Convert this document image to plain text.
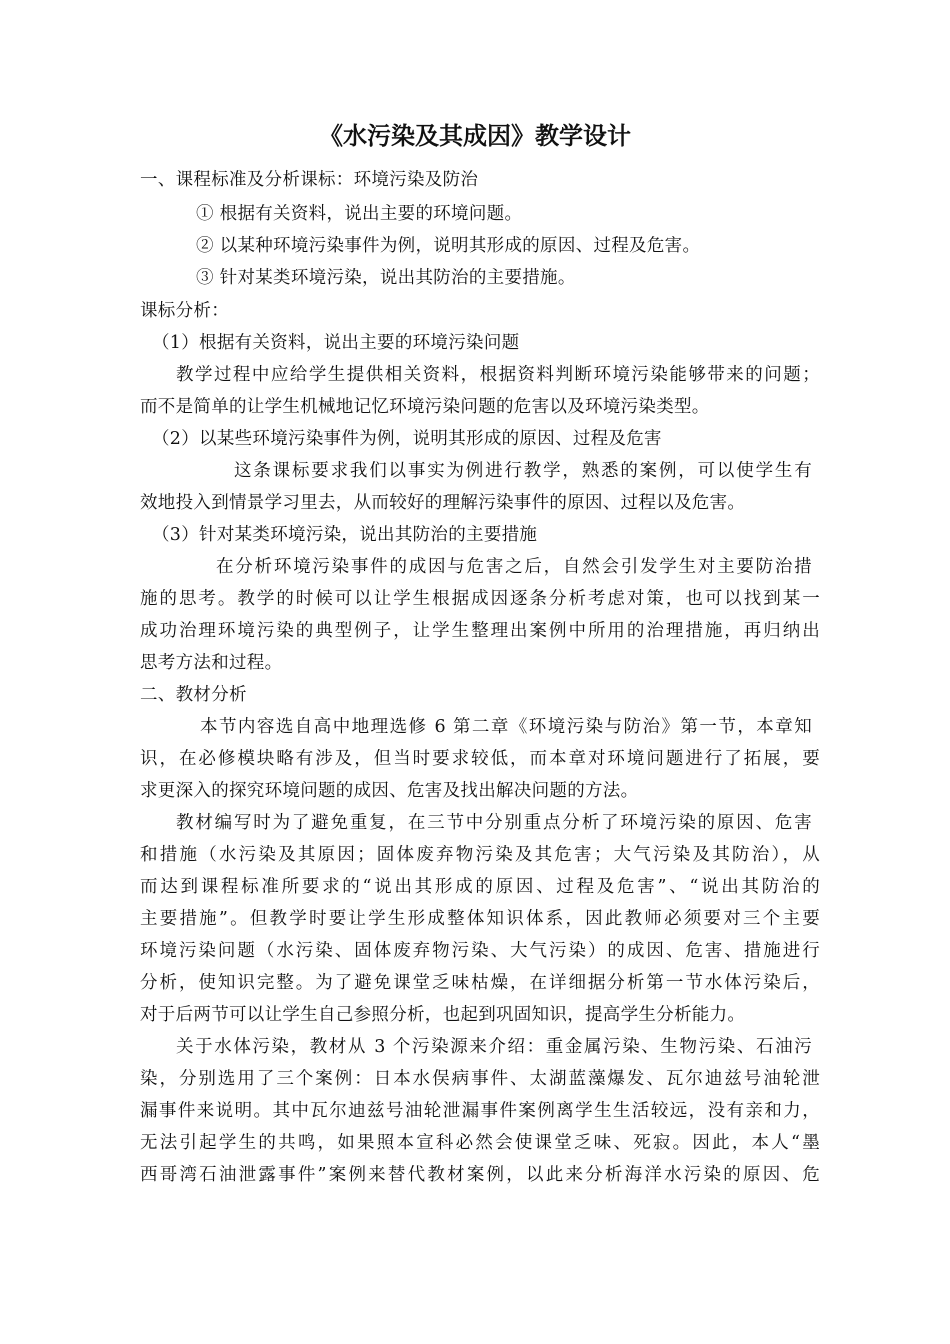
《水污染及其成因》教学设计
一、课程标准及分析课标：环境污染及防治
① 根据有关资料，说出主要的环境问题。
② 以某种环境污染事件为例，说明其形成的原因、过程及危害。
③ 针对某类环境污染，说出其防治的主要措施。
课标分析：
（1）根据有关资料，说出主要的环境污染问题
教学过程中应给学生提供相关资料，根据资料判断环境污染能够带来的问题；
而不是简单的让学生机械地记忆环境污染问题的危害以及环境污染类型。
（2）以某些环境污染事件为例，说明其形成的原因、过程及危害
这条课标要求我们以事实为例进行教学，熟悉的案例，可以使学生有
效地投入到情景学习里去，从而较好的理解污染事件的原因、过程以及危害。
（3）针对某类环境污染，说出其防治的主要措施
在分析环境污染事件的成因与危害之后，自然会引发学生对主要防治措
施的思考。教学的时候可以让学生根据成因逐条分析考虑对策，也可以找到某一
成功治理环境污染的典型例子，让学生整理出案例中所用的治理措施，再归纳出
思考方法和过程。
二、教材分析
本节内容选自高中地理选修 6 第二章《环境污染与防治》第一节，本章知
识，在必修模块略有涉及，但当时要求较低，而本章对环境问题进行了拓展，要
求更深入的探究环境问题的成因、危害及找出解决问题的方法。
教材编写时为了避免重复，在三节中分别重点分析了环境污染的原因、危害
和措施（水污染及其原因；固体废弃物污染及其危害；大气污染及其防治），从
而达到课程标准所要求的“说出其形成的原因、过程及危害”、“说出其防治的
主要措施”。但教学时要让学生形成整体知识体系，因此教师必须要对三个主要
环境污染问题（水污染、固体废弃物污染、大气污染）的成因、危害、措施进行
分析，使知识完整。为了避免课堂乏味枯燥，在详细据分析第一节水体污染后，
对于后两节可以让学生自己参照分析，也起到巩固知识，提高学生分析能力。
关于水体污染，教材从 3 个污染源来介绍：重金属污染、生物污染、石油污
染，分别选用了三个案例：日本水俣病事件、太湖蓝藻爆发、瓦尔迪兹号油轮泄
漏事件来说明。其中瓦尔迪兹号油轮泄漏事件案例离学生生活较远，没有亲和力，
无法引起学生的共鸣，如果照本宣科必然会使课堂乏味、死寂。因此，本人“墨
西哥湾石油泄露事件”案例来替代教材案例，以此来分析海洋水污染的原因、危
